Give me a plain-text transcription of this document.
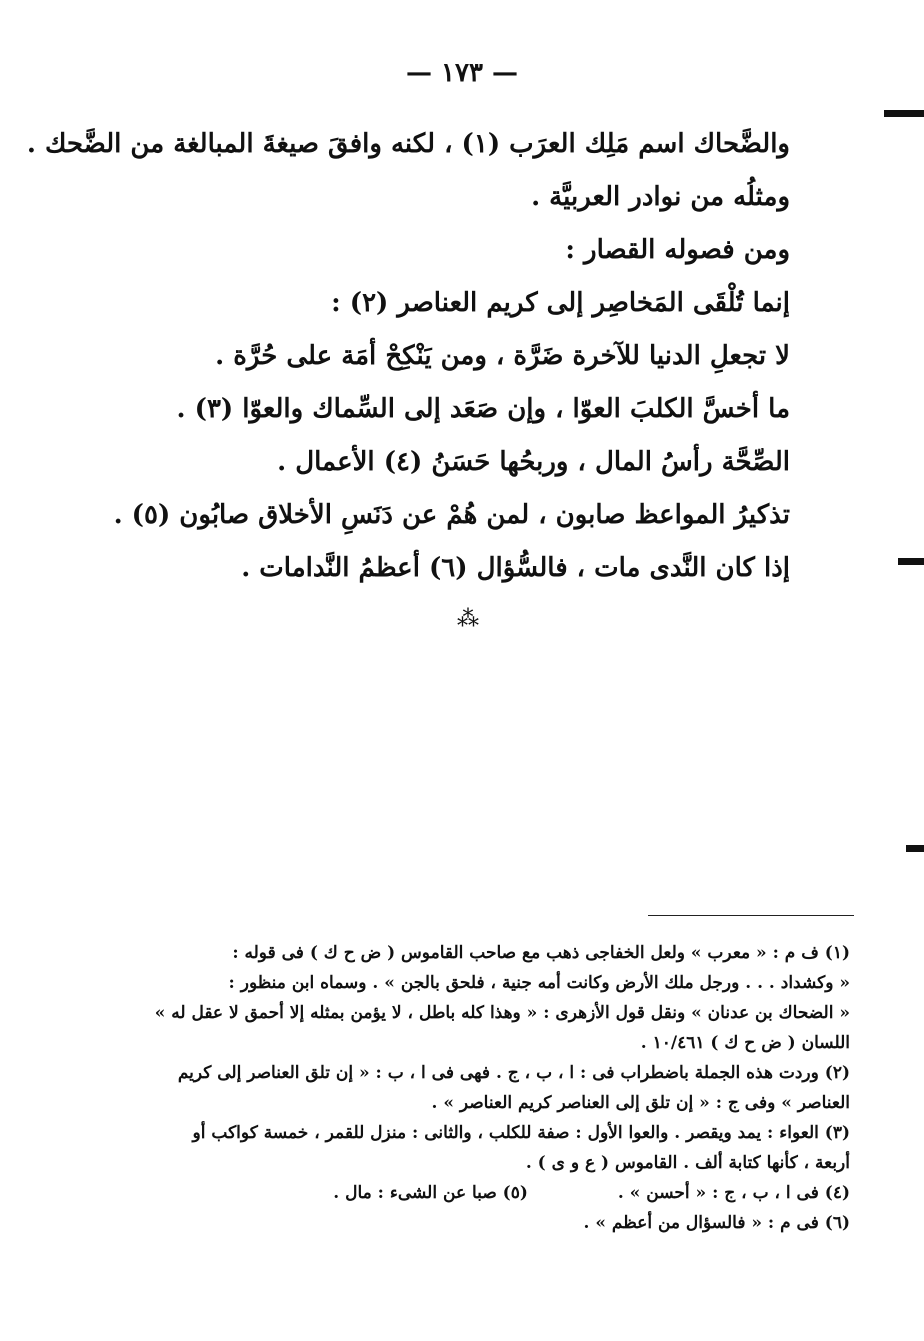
— ١٧٣ —
والضَّحاك اسم مَلِك العرَب (١) ، لكنه وافقَ صيغةَ المبالغة من الضَّحك .
ومثلُه من نوادر العربيَّة .
ومن فصوله القصار :
إنما تُلْقَى المَخاصِر إلى كريم العناصر (٢) :
لا تجعلِ الدنيا للآخرة ضَرَّة ، ومن يَنْكِحْ أمَة على حُرَّة .
ما أخسَّ الكلبَ العوّا ، وإن صَعَد إلى السِّماك والعوّا (٣) .
الصِّحَّة رأسُ المال ، وربحُها حَسَنُ (٤) الأعمال .
تذكيرُ المواعظ صابون ، لمن هُمْ عن دَنَسِ الأخلاق صابُون (٥) .
إذا كان النَّدى مات ، فالسُّؤال (٦) أعظمُ النَّدامات .
⁂
(١) ف م : « معرب » ولعل الخفاجى ذهب مع صاحب القاموس ( ض ح ك ) فى قوله :
« وكشداد . . . ورجل ملك الأرض وكانت أمه جنية ، فلحق بالجن » . وسماه ابن منظور :
« الضحاك بن عدنان » ونقل قول الأزهرى : « وهذا كله باطل ، لا يؤمن بمثله إلا أحمق لا عقل له »
اللسان ( ض ح ك ) ١٠/٤٦١ .
(٢) وردت هذه الجملة باضطراب فى : ا ، ب ، ج . فهى فى ا ، ب : « إن تلق العناصر إلى كريم
العناصر » وفى ج : « إن تلق إلى العناصر كريم العناصر » .
(٣) العواء : يمد ويقصر . والعوا الأول : صفة للكلب ، والثانى : منزل للقمر ، خمسة كواكب أو
أربعة ، كأنها كتابة ألف . القاموس ( ع و ى ) .
(٤) فى ا ، ب ، ج : « أحسن » .
(٥) صبا عن الشىء : مال .
(٦) فى م : « فالسؤال من أعظم » .
